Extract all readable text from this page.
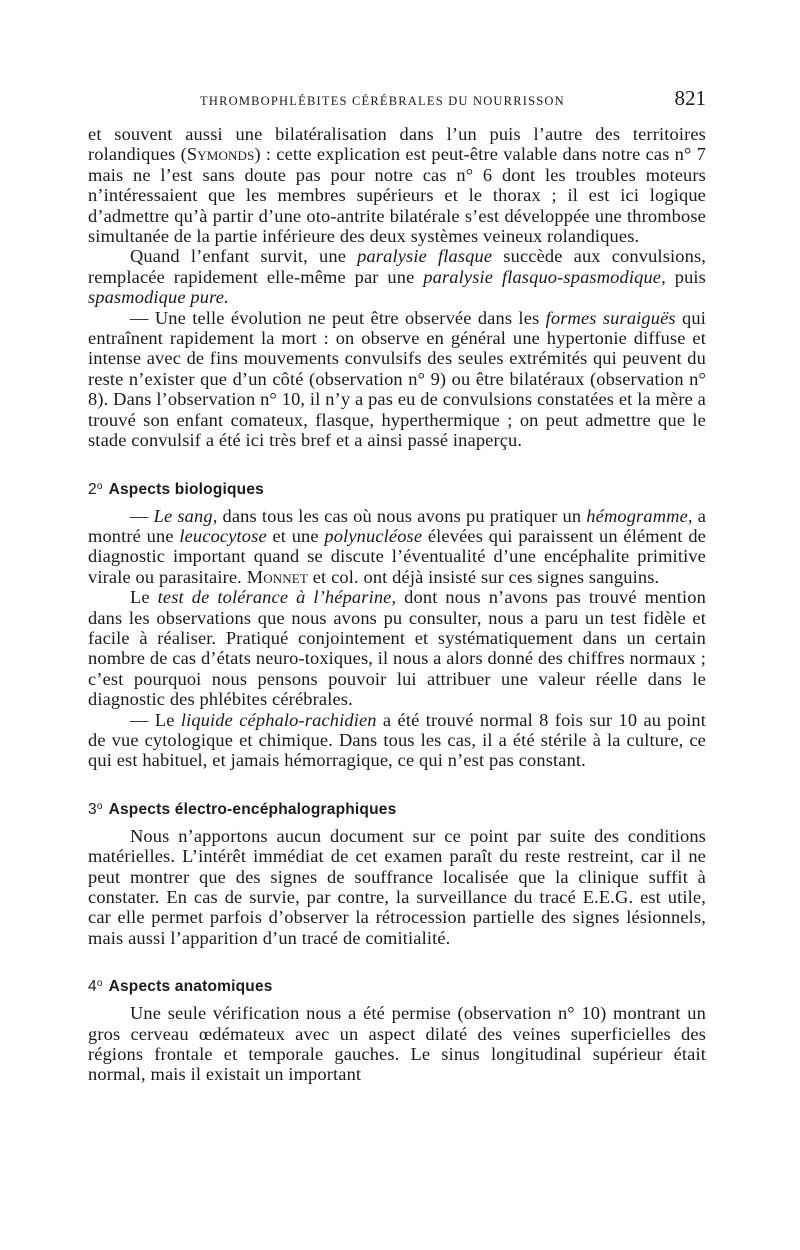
THROMBOPHLÉBITES CÉRÉBRALES DU NOURRISSON	821

et souvent aussi une bilatéralisation dans l’un puis l’autre des territoires rolandiques (Symonds) : cette explication est peut-être valable dans notre cas n° 7 mais ne l’est sans doute pas pour notre cas n° 6 dont les troubles moteurs n’intéressaient que les membres supérieurs et le thorax ; il est ici logique d’admettre qu’à partir d’une oto-antrite bilatérale s’est développée une thrombose simultanée de la partie inférieure des deux systèmes veineux rolandiques.

Quand l’enfant survit, une paralysie flasque succède aux convulsions, remplacée rapidement elle-même par une paralysie flasquo-spasmodique, puis spasmodique pure.

— Une telle évolution ne peut être observée dans les formes suraiguës qui entraînent rapidement la mort : on observe en général une hypertonie diffuse et intense avec de fins mouvements convulsifs des seules extrémités qui peuvent du reste n’exister que d’un côté (observation n° 9) ou être bilatéraux (observation n° 8). Dans l’observation n° 10, il n’y a pas eu de convulsions constatées et la mère a trouvé son enfant comateux, flasque, hyperthermique ; on peut admettre que le stade convulsif a été ici très bref et a ainsi passé inaperçu.

2$^o$ Aspects biologiques

— Le sang, dans tous les cas où nous avons pu pratiquer un hémogramme, a montré une leucocytose et une polynucléose élevées qui paraissent un élément de diagnostic important quand se discute l’éventualité d’une encéphalite primitive virale ou parasitaire. Monnet et col. ont déjà insisté sur ces signes sanguins.

Le test de tolérance à l’héparine, dont nous n’avons pas trouvé mention dans les observations que nous avons pu consulter, nous a paru un test fidèle et facile à réaliser. Pratiqué conjointement et systématiquement dans un certain nombre de cas d’états neuro-toxiques, il nous a alors donné des chiffres normaux ; c’est pourquoi nous pensons pouvoir lui attribuer une valeur réelle dans le diagnostic des phlébites cérébrales.

— Le liquide céphalo-rachidien a été trouvé normal 8 fois sur 10 au point de vue cytologique et chimique. Dans tous les cas, il a été stérile à la culture, ce qui est habituel, et jamais hémorragique, ce qui n’est pas constant.

3$^o$ Aspects électro-encéphalographiques

Nous n’apportons aucun document sur ce point par suite des conditions matérielles. L’intérêt immédiat de cet examen paraît du reste restreint, car il ne peut montrer que des signes de souffrance localisée que la clinique suffit à constater. En cas de survie, par contre, la surveillance du tracé E.E.G. est utile, car elle permet parfois d’observer la rétrocession partielle des signes lésionnels, mais aussi l’apparition d’un tracé de comitialité.

4$^o$ Aspects anatomiques

Une seule vérification nous a été permise (observation n° 10) montrant un gros cerveau œdémateux avec un aspect dilaté des veines superficielles des régions frontale et temporale gauches. Le sinus longitudinal supérieur était normal, mais il existait un important
